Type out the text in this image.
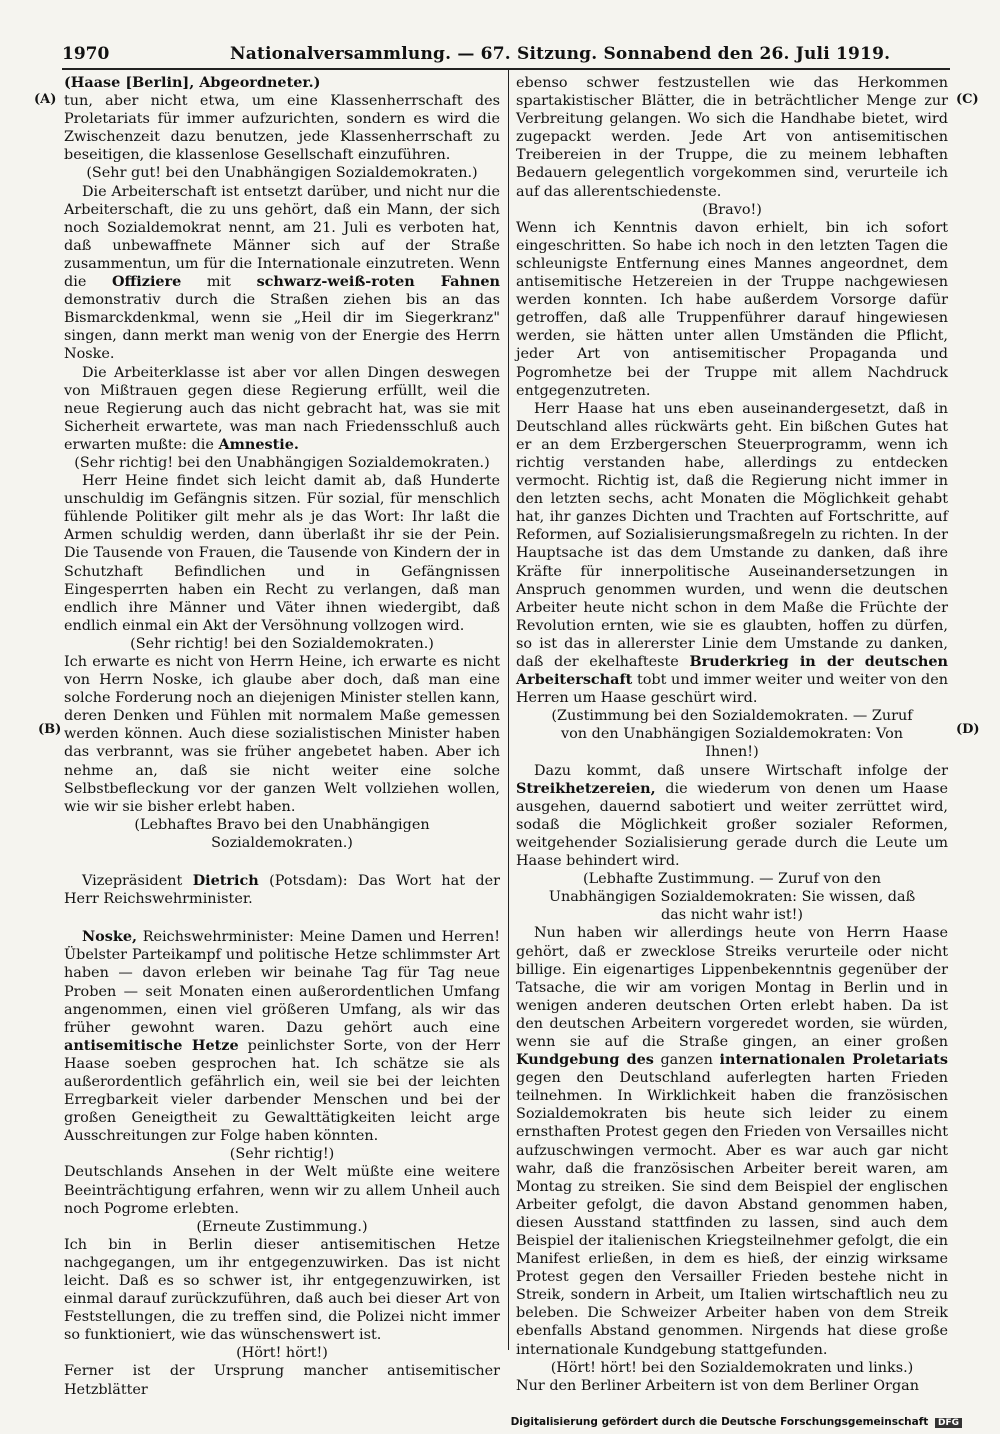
1970	Nationalversammlung. — 67. Sitzung. Sonnabend den 26. Juli 1919.
(A)
(B)
(C)
(D)

(Haase [Berlin], Abgeordneter.)

tun, aber nicht etwa, um eine Klassenherrschaft des Proletariats für immer aufzurichten, sondern es wird die Zwischenzeit dazu benutzen, jede Klassenherrschaft zu beseitigen, die klassenlose Gesellschaft einzuführen.

(Sehr gut! bei den Unabhängigen Sozialdemokraten.)

Die Arbeiterschaft ist entsetzt darüber, und nicht nur die Arbeiterschaft, die zu uns gehört, daß ein Mann, der sich noch Sozialdemokrat nennt, am 21. Juli es verboten hat, daß unbewaffnete Männer sich auf der Straße zusammentun, um für die Internationale einzutreten. Wenn die Offiziere mit schwarz-weiß-roten Fahnen demonstrativ durch die Straßen ziehen bis an das Bismarckdenkmal, wenn sie „Heil dir im Siegerkranz" singen, dann merkt man wenig von der Energie des Herrn Noske.

Die Arbeiterklasse ist aber vor allen Dingen deswegen von Mißtrauen gegen diese Regierung erfüllt, weil die neue Regierung auch das nicht gebracht hat, was sie mit Sicherheit erwartete, was man nach Friedensschluß auch erwarten mußte: die Amnestie.

(Sehr richtig! bei den Unabhängigen Sozialdemokraten.)

Herr Heine findet sich leicht damit ab, daß Hunderte unschuldig im Gefängnis sitzen. Für sozial, für menschlich fühlende Politiker gilt mehr als je das Wort: Ihr laßt die Armen schuldig werden, dann überlaßt ihr sie der Pein. Die Tausende von Frauen, die Tausende von Kindern der in Schutzhaft Befindlichen und in Gefängnissen Eingesperrten haben ein Recht zu verlangen, daß man endlich ihre Männer und Väter ihnen wiedergibt, daß endlich einmal ein Akt der Versöhnung vollzogen wird.

(Sehr richtig! bei den Sozialdemokraten.)

Ich erwarte es nicht von Herrn Heine, ich erwarte es nicht von Herrn Noske, ich glaube aber doch, daß man eine solche Forderung noch an diejenigen Minister stellen kann, deren Denken und Fühlen mit normalem Maße gemessen werden können. Auch diese sozialistischen Minister haben das verbrannt, was sie früher angebetet haben. Aber ich nehme an, daß sie nicht weiter eine solche Selbstbefleckung vor der ganzen Welt vollziehen wollen, wie wir sie bisher erlebt haben.

(Lebhaftes Bravo bei den Unabhängigen Sozialdemokraten.)

Vizepräsident Dietrich (Potsdam): Das Wort hat der Herr Reichswehrminister.

Noske, Reichswehrminister: Meine Damen und Herren! Übelster Parteikampf und politische Hetze schlimmster Art haben — davon erleben wir beinahe Tag für Tag neue Proben — seit Monaten einen außerordentlichen Umfang angenommen, einen viel größeren Umfang, als wir das früher gewohnt waren. Dazu gehört auch eine antisemitische Hetze peinlichster Sorte, von der Herr Haase soeben gesprochen hat. Ich schätze sie als außerordentlich gefährlich ein, weil sie bei der leichten Erregbarkeit vieler darbender Menschen und bei der großen Geneigtheit zu Gewalttätigkeiten leicht arge Ausschreitungen zur Folge haben könnten.

(Sehr richtig!)

Deutschlands Ansehen in der Welt müßte eine weitere Beeinträchtigung erfahren, wenn wir zu allem Unheil auch noch Pogrome erlebten.

(Erneute Zustimmung.)

Ich bin in Berlin dieser antisemitischen Hetze nachgegangen, um ihr entgegenzuwirken. Das ist nicht leicht. Daß es so schwer ist, ihr entgegenzuwirken, ist einmal darauf zurückzuführen, daß auch bei dieser Art von Feststellungen, die zu treffen sind, die Polizei nicht immer so funktioniert, wie das wünschenswert ist.

(Hört! hört!)

Ferner ist der Ursprung mancher antisemitischer Hetzblätter

ebenso schwer festzustellen wie das Herkommen spartakistischer Blätter, die in beträchtlicher Menge zur Verbreitung gelangen. Wo sich die Handhabe bietet, wird zugepackt werden. Jede Art von antisemitischen Treibereien in der Truppe, die zu meinem lebhaften Bedauern gelegentlich vorgekommen sind, verurteile ich auf das allerentschiedenste.

(Bravo!)

Wenn ich Kenntnis davon erhielt, bin ich sofort eingeschritten. So habe ich noch in den letzten Tagen die schleunigste Entfernung eines Mannes angeordnet, dem antisemitische Hetzereien in der Truppe nachgewiesen werden konnten. Ich habe außerdem Vorsorge dafür getroffen, daß alle Truppenführer darauf hingewiesen werden, sie hätten unter allen Umständen die Pflicht, jeder Art von antisemitischer Propaganda und Pogromhetze bei der Truppe mit allem Nachdruck entgegenzutreten.

Herr Haase hat uns eben auseinandergesetzt, daß in Deutschland alles rückwärts geht. Ein bißchen Gutes hat er an dem Erzbergerschen Steuerprogramm, wenn ich richtig verstanden habe, allerdings zu entdecken vermocht. Richtig ist, daß die Regierung nicht immer in den letzten sechs, acht Monaten die Möglichkeit gehabt hat, ihr ganzes Dichten und Trachten auf Fortschritte, auf Reformen, auf Sozialisierungsmaßregeln zu richten. In der Hauptsache ist das dem Umstande zu danken, daß ihre Kräfte für innerpolitische Auseinandersetzungen in Anspruch genommen wurden, und wenn die deutschen Arbeiter heute nicht schon in dem Maße die Früchte der Revolution ernten, wie sie es glaubten, hoffen zu dürfen, so ist das in allererster Linie dem Umstande zu danken, daß der ekelhafteste Bruderkrieg in der deutschen Arbeiterschaft tobt und immer weiter und weiter von den Herren um Haase geschürt wird.

(Zustimmung bei den Sozialdemokraten. — Zuruf von den Unabhängigen Sozialdemokraten: Von Ihnen!)

Dazu kommt, daß unsere Wirtschaft infolge der Streikhetzereien, die wiederum von denen um Haase ausgehen, dauernd sabotiert und weiter zerrüttet wird, sodaß die Möglichkeit großer sozialer Reformen, weitgehender Sozialisierung gerade durch die Leute um Haase behindert wird.

(Lebhafte Zustimmung. — Zuruf von den Unabhängigen Sozialdemokraten: Sie wissen, daß das nicht wahr ist!)

Nun haben wir allerdings heute von Herrn Haase gehört, daß er zwecklose Streiks verurteile oder nicht billige. Ein eigenartiges Lippenbekenntnis gegenüber der Tatsache, die wir am vorigen Montag in Berlin und in wenigen anderen deutschen Orten erlebt haben. Da ist den deutschen Arbeitern vorgeredet worden, sie würden, wenn sie auf die Straße gingen, an einer großen Kundgebung des ganzen internationalen Proletariats gegen den Deutschland auferlegten harten Frieden teilnehmen. In Wirklichkeit haben die französischen Sozialdemokraten bis heute sich leider zu einem ernsthaften Protest gegen den Frieden von Versailles nicht aufzuschwingen vermocht. Aber es war auch gar nicht wahr, daß die französischen Arbeiter bereit waren, am Montag zu streiken. Sie sind dem Beispiel der englischen Arbeiter gefolgt, die davon Abstand genommen haben, diesen Ausstand stattfinden zu lassen, sind auch dem Beispiel der italienischen Kriegsteilnehmer gefolgt, die ein Manifest erließen, in dem es hieß, der einzig wirksame Protest gegen den Versailler Frieden bestehe nicht in Streik, sondern in Arbeit, um Italien wirtschaftlich neu zu beleben. Die Schweizer Arbeiter haben von dem Streik ebenfalls Abstand genommen. Nirgends hat diese große internationale Kundgebung stattgefunden.

(Hört! hört! bei den Sozialdemokraten und links.)

Nur den Berliner Arbeitern ist von dem Berliner Organ

Digitalisierung gefördert durch die Deutsche Forschungsgemeinschaft DFG
